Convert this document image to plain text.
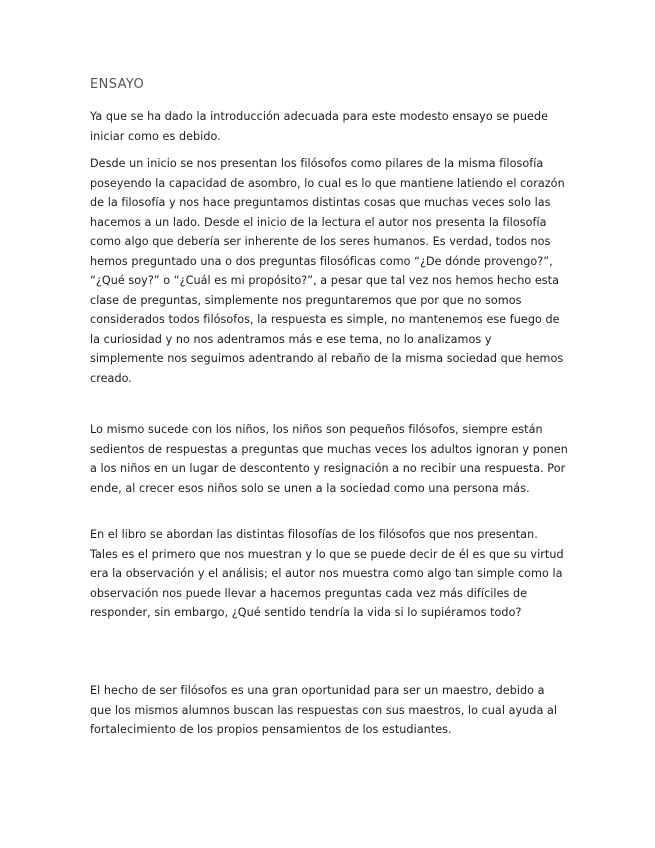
ENSAYO

Ya que se ha dado la introducción adecuada para este modesto ensayo se puede iniciar como es debido.

Desde un inicio se nos presentan los filósofos como pilares de la misma filosofía poseyendo la capacidad de asombro, lo cual es lo que mantiene latiendo el corazón de la filosofía y nos hace preguntamos distintas cosas que muchas veces solo las hacemos a un lado. Desde el inicio de la lectura el autor nos presenta la filosofía como algo que debería ser inherente de los seres humanos. Es verdad, todos nos hemos preguntado una o dos preguntas filosóficas como “¿De dónde provengo?”, “¿Qué soy?” o “¿Cuál es mi propósito?”, a pesar que tal vez nos hemos hecho esta clase de preguntas, simplemente nos preguntaremos que por que no somos considerados todos filósofos, la respuesta es simple, no mantenemos ese fuego de la curiosidad y no nos adentramos más e ese tema, no lo analizamos y simplemente nos seguimos adentrando al rebaño de la misma sociedad que hemos creado.

Lo mismo sucede con los niños, los niños son pequeños filósofos, siempre están sedientos de respuestas a preguntas que muchas veces los adultos ignoran y ponen a los niños en un lugar de descontento y resignación a no recibir una respuesta. Por ende, al crecer esos niños solo se unen a la sociedad como una persona más.

En el libro se abordan las distintas filosofías de los filósofos que nos presentan. Tales es el primero que nos muestran y lo que se puede decir de él es que su virtud era la observación y el análisis; el autor nos muestra como algo tan simple como la observación nos puede llevar a hacemos preguntas cada vez más difíciles de responder, sin embargo, ¿Qué sentido tendría la vida si lo supiéramos todo?

El hecho de ser filósofos es una gran oportunidad para ser un maestro, debido a que los mismos alumnos buscan las respuestas con sus maestros, lo cual ayuda al fortalecimiento de los propios pensamientos de los estudiantes.
